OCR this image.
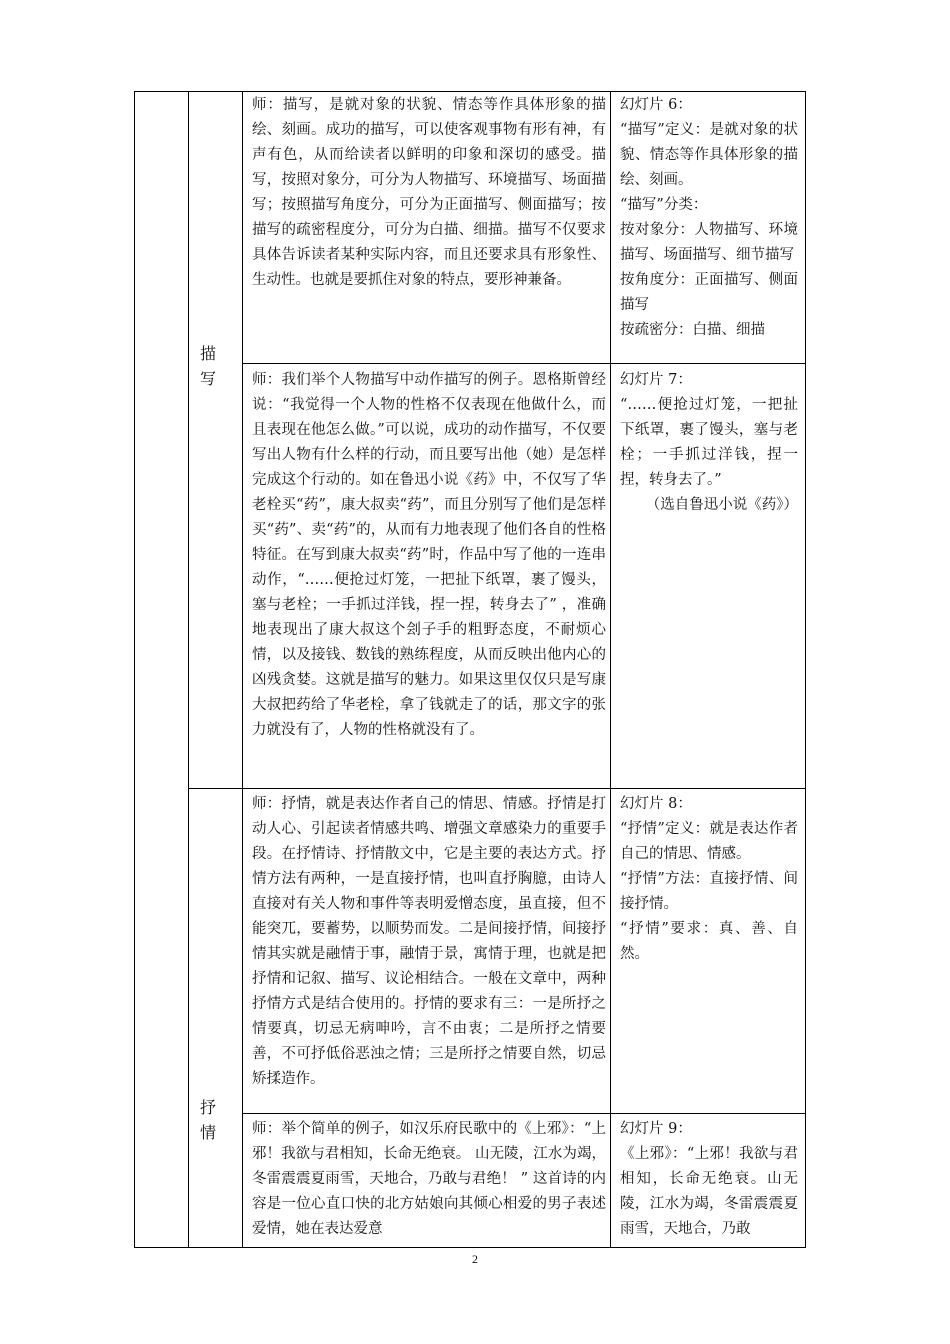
描
写
师：描写，是就对象的状貌、情态等作具体形象的描绘、刻画。成功的描写，可以使客观事物有形有神，有声有色，从而给读者以鲜明的印象和深切的感受。描写，按照对象分，可分为人物描写、环境描写、场面描写；按照描写角度分，可分为正面描写、侧面描写；按描写的疏密程度分，可分为白描、细描。描写不仅要求具体告诉读者某种实际内容，而且还要求具有形象性、生动性。也就是要抓住对象的特点，要形神兼备。
幻灯片 6：
“描写”定义：是就对象的状貌、情态等作具体形象的描绘、刻画。
“描写”分类：
按对象分：人物描写、环境描写、场面描写、细节描写
按角度分：正面描写、侧面描写
按疏密分：白描、细描
师：我们举个人物描写中动作描写的例子。恩格斯曾经说：“我觉得一个人物的性格不仅表现在他做什么，而且表现在他怎么做。”可以说，成功的动作描写，不仅要写出人物有什么样的行动，而且要写出他（她）是怎样完成这个行动的。如在鲁迅小说《药》中，不仅写了华老栓买“药”，康大叔卖“药”，而且分别写了他们是怎样买“药”、卖“药”的，从而有力地表现了他们各自的性格特征。在写到康大叔卖“药”时，作品中写了他的一连串动作，“……便抢过灯笼，一把扯下纸罩，裹了馒头，塞与老栓；一手抓过洋钱，捏一捏，转身去了” ，准确地表现出了康大叔这个刽子手的粗野态度，不耐烦心情，以及接钱、数钱的熟练程度，从而反映出他内心的凶残贪婪。这就是描写的魅力。如果这里仅仅只是写康大叔把药给了华老栓，拿了钱就走了的话，那文字的张力就没有了，人物的性格就没有了。
幻灯片 7：
“……便抢过灯笼，一把扯下纸罩，裹了馒头，塞与老栓；一手抓过洋钱，捏一捏，转身去了。”
（选自鲁迅小说《药》）
抒
情
师：抒情，就是表达作者自己的情思、情感。抒情是打动人心、引起读者情感共鸣、增强文章感染力的重要手段。在抒情诗、抒情散文中，它是主要的表达方式。抒情方法有两种，一是直接抒情，也叫直抒胸臆，由诗人直接对有关人物和事件等表明爱憎态度，虽直接，但不能突兀，要蓄势，以顺势而发。二是间接抒情，间接抒情其实就是融情于事，融情于景，寓情于理，也就是把抒情和记叙、描写、议论相结合。一般在文章中，两种抒情方式是结合使用的。抒情的要求有三：一是所抒之情要真，切忌无病呻吟，言不由衷；二是所抒之情要善，不可抒低俗恶浊之情；三是所抒之情要自然，切忌矫揉造作。
幻灯片 8：
“抒情”定义：就是表达作者自己的情思、情感。
“抒情”方法：直接抒情、间接抒情。
“抒情”要求：真、善、自然。
师：举个简单的例子，如汉乐府民歌中的《上邪》：“上邪！我欲与君相知，长命无绝衰。 山无陵，江水为竭，冬雷震震夏雨雪，天地合，乃敢与君绝！ ” 这首诗的内容是一位心直口快的北方姑娘向其倾心相爱的男子表述爱情，她在表达爱意
幻灯片 9：
《上邪》：“上邪！我欲与君相知，长命无绝衰。山无陵，江水为竭，冬雷震震夏雨雪，天地合，乃敢
2
